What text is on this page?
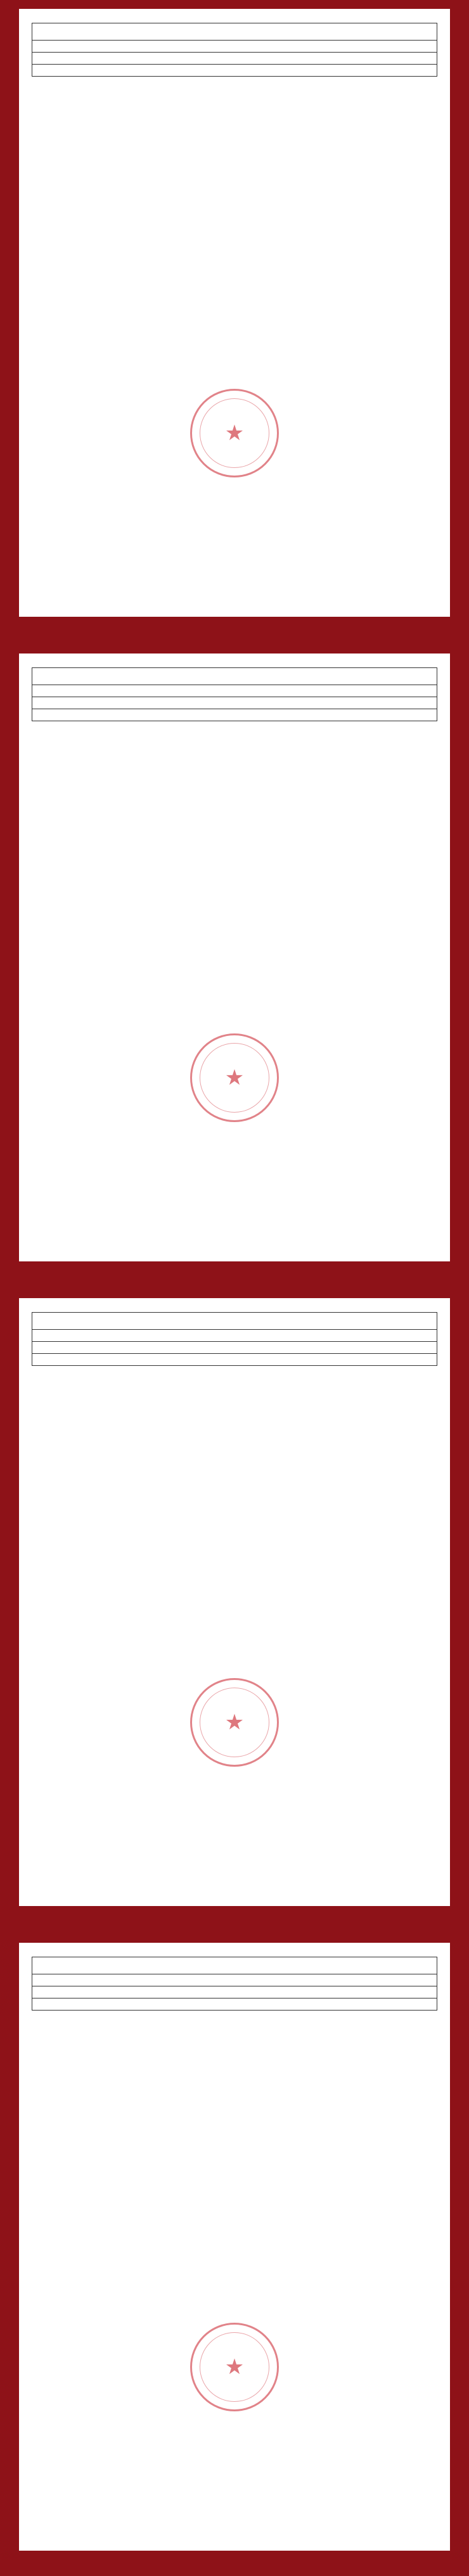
★
★
★
★
